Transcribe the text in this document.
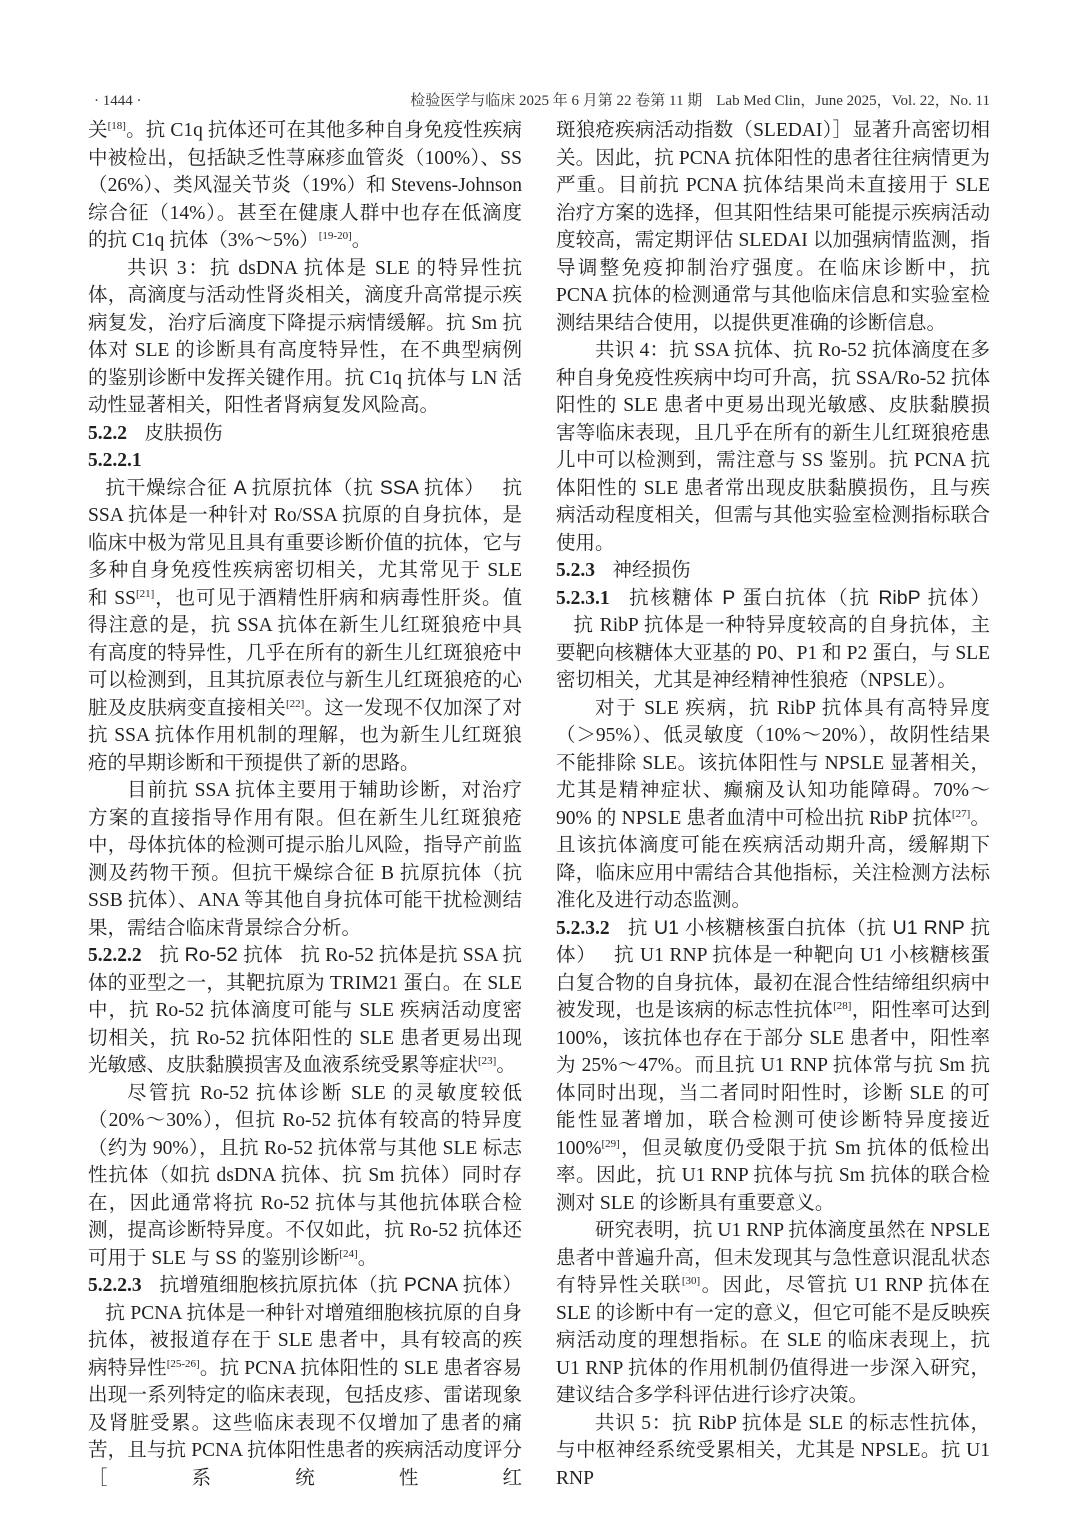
· 1444 ·	检验医学与临床 2025 年 6 月第 22 卷第 11 期 Lab Med Clin，June 2025，Vol. 22，No. 11

关[18]。抗 C1q 抗体还可在其他多种自身免疫性疾病中被检出，包括缺乏性荨麻疹血管炎（100%）、SS（26%）、类风湿关节炎（19%）和 Stevens-Johnson 综合征（14%）。甚至在健康人群中也存在低滴度的抗 C1q 抗体（3%～5%）[19-20]。

共识 3：抗 dsDNA 抗体是 SLE 的特异性抗体，高滴度与活动性肾炎相关，滴度升高常提示疾病复发，治疗后滴度下降提示病情缓解。抗 Sm 抗体对 SLE 的诊断具有高度特异性，在不典型病例的鉴别诊断中发挥关键作用。抗 C1q 抗体与 LN 活动性显著相关，阳性者肾病复发风险高。

5.2.2 皮肤损伤

5.2.2.1抗干燥综合征 A 抗原抗体（抗 SSA 抗体） 抗 SSA 抗体是一种针对 Ro/SSA 抗原的自身抗体，是临床中极为常见且具有重要诊断价值的抗体，它与多种自身免疫性疾病密切相关，尤其常见于 SLE 和 SS[21]，也可见于酒精性肝病和病毒性肝炎。值得注意的是，抗 SSA 抗体在新生儿红斑狼疮中具有高度的特异性，几乎在所有的新生儿红斑狼疮中可以检测到，且其抗原表位与新生儿红斑狼疮的心脏及皮肤病变直接相关[22]。这一发现不仅加深了对抗 SSA 抗体作用机制的理解，也为新生儿红斑狼疮的早期诊断和干预提供了新的思路。

目前抗 SSA 抗体主要用于辅助诊断，对治疗方案的直接指导作用有限。但在新生儿红斑狼疮中，母体抗体的检测可提示胎儿风险，指导产前监测及药物干预。但抗干燥综合征 B 抗原抗体（抗 SSB 抗体）、ANA 等其他自身抗体可能干扰检测结果，需结合临床背景综合分析。

5.2.2.2 抗 Ro-52 抗体 抗 Ro-52 抗体是抗 SSA 抗体的亚型之一，其靶抗原为 TRIM21 蛋白。在 SLE 中，抗 Ro-52 抗体滴度可能与 SLE 疾病活动度密切相关，抗 Ro-52 抗体阳性的 SLE 患者更易出现光敏感、皮肤黏膜损害及血液系统受累等症状[23]。

尽管抗 Ro-52 抗体诊断 SLE 的灵敏度较低（20%～30%），但抗 Ro-52 抗体有较高的特异度（约为 90%），且抗 Ro-52 抗体常与其他 SLE 标志性抗体（如抗 dsDNA 抗体、抗 Sm 抗体）同时存在，因此通常将抗 Ro-52 抗体与其他抗体联合检测，提高诊断特异度。不仅如此，抗 Ro-52 抗体还可用于 SLE 与 SS 的鉴别诊断[24]。

5.2.2.3 抗增殖细胞核抗原抗体（抗 PCNA 抗体）抗 PCNA 抗体是一种针对增殖细胞核抗原的自身抗体，被报道存在于 SLE 患者中，具有较高的疾病特异性[25-26]。抗 PCNA 抗体阳性的 SLE 患者容易出现一系列特定的临床表现，包括皮疹、雷诺现象及肾脏受累。这些临床表现不仅增加了患者的痛苦，且与抗 PCNA 抗体阳性患者的疾病活动度评分［系统性红

斑狼疮疾病活动指数（SLEDAI）］显著升高密切相关。因此，抗 PCNA 抗体阳性的患者往往病情更为严重。目前抗 PCNA 抗体结果尚未直接用于 SLE 治疗方案的选择，但其阳性结果可能提示疾病活动度较高，需定期评估 SLEDAI 以加强病情监测，指导调整免疫抑制治疗强度。在临床诊断中，抗 PCNA 抗体的检测通常与其他临床信息和实验室检测结果结合使用，以提供更准确的诊断信息。

共识 4：抗 SSA 抗体、抗 Ro-52 抗体滴度在多种自身免疫性疾病中均可升高，抗 SSA/Ro-52 抗体阳性的 SLE 患者中更易出现光敏感、皮肤黏膜损害等临床表现，且几乎在所有的新生儿红斑狼疮患儿中可以检测到，需注意与 SS 鉴别。抗 PCNA 抗体阳性的 SLE 患者常出现皮肤黏膜损伤，且与疾病活动程度相关，但需与其他实验室检测指标联合使用。

5.2.3 神经损伤

5.2.3.1 抗核糖体 P 蛋白抗体（抗 RibP 抗体）抗 RibP 抗体是一种特异度较高的自身抗体，主要靶向核糖体大亚基的 P0、P1 和 P2 蛋白，与 SLE 密切相关，尤其是神经精神性狼疮（NPSLE）。

对于 SLE 疾病，抗 RibP 抗体具有高特异度（＞95%）、低灵敏度（10%～20%），故阴性结果不能排除 SLE。该抗体阳性与 NPSLE 显著相关，尤其是精神症状、癫痫及认知功能障碍。70%～90% 的 NPSLE 患者血清中可检出抗 RibP 抗体[27]。且该抗体滴度可能在疾病活动期升高，缓解期下降，临床应用中需结合其他指标，关注检测方法标准化及进行动态监测。

5.2.3.2 抗 U1 小核糖核蛋白抗体（抗 U1 RNP 抗体） 抗 U1 RNP 抗体是一种靶向 U1 小核糖核蛋白复合物的自身抗体，最初在混合性结缔组织病中被发现，也是该病的标志性抗体[28]，阳性率可达到 100%，该抗体也存在于部分 SLE 患者中，阳性率为 25%～47%。而且抗 U1 RNP 抗体常与抗 Sm 抗体同时出现，当二者同时阳性时，诊断 SLE 的可能性显著增加，联合检测可使诊断特异度接近 100%[29]，但灵敏度仍受限于抗 Sm 抗体的低检出率。因此，抗 U1 RNP 抗体与抗 Sm 抗体的联合检测对 SLE 的诊断具有重要意义。

研究表明，抗 U1 RNP 抗体滴度虽然在 NPSLE 患者中普遍升高，但未发现其与急性意识混乱状态有特异性关联[30]。因此，尽管抗 U1 RNP 抗体在 SLE 的诊断中有一定的意义，但它可能不是反映疾病活动度的理想指标。在 SLE 的临床表现上，抗 U1 RNP 抗体的作用机制仍值得进一步深入研究，建议结合多学科评估进行诊疗决策。

共识 5：抗 RibP 抗体是 SLE 的标志性抗体，与中枢神经系统受累相关，尤其是 NPSLE。抗 U1 RNP
